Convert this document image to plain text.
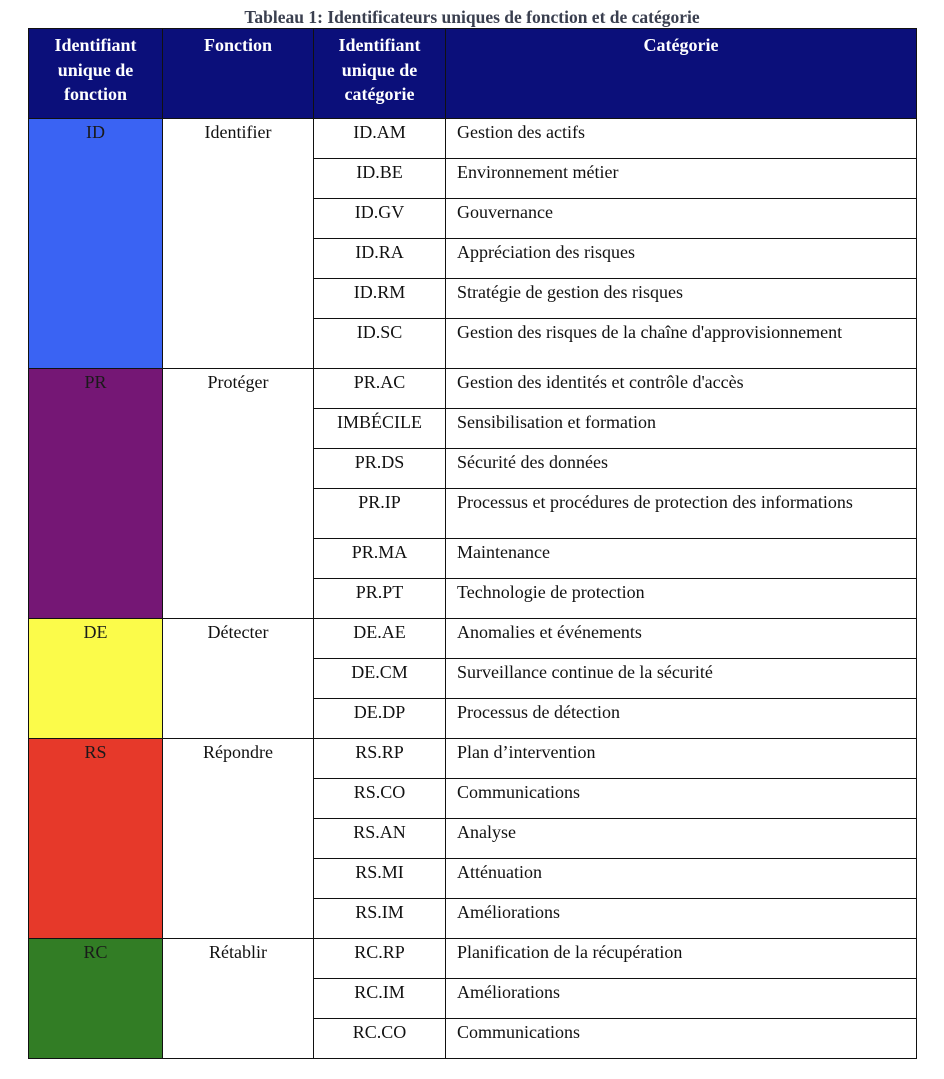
Tableau 1: Identificateurs uniques de fonction et de catégorie
Identifiant unique de fonction	Fonction	Identifiant unique de catégorie	Catégorie
ID	Identifier	ID.AM	Gestion des actifs
		ID.BE	Environnement métier
		ID.GV	Gouvernance
		ID.RA	Appréciation des risques
		ID.RM	Stratégie de gestion des risques
		ID.SC	Gestion des risques de la chaîne d'approvisionnement
PR	Protéger	PR.AC	Gestion des identités et contrôle d'accès
		IMBÉCILE	Sensibilisation et formation
		PR.DS	Sécurité des données
		PR.IP	Processus et procédures de protection des informations
		PR.MA	Maintenance
		PR.PT	Technologie de protection
DE	Détecter	DE.AE	Anomalies et événements
		DE.CM	Surveillance continue de la sécurité
		DE.DP	Processus de détection
RS	Répondre	RS.RP	Plan d’intervention
		RS.CO	Communications
		RS.AN	Analyse
		RS.MI	Atténuation
		RS.IM	Améliorations
RC	Rétablir	RC.RP	Planification de la récupération
		RC.IM	Améliorations
		RC.CO	Communications
